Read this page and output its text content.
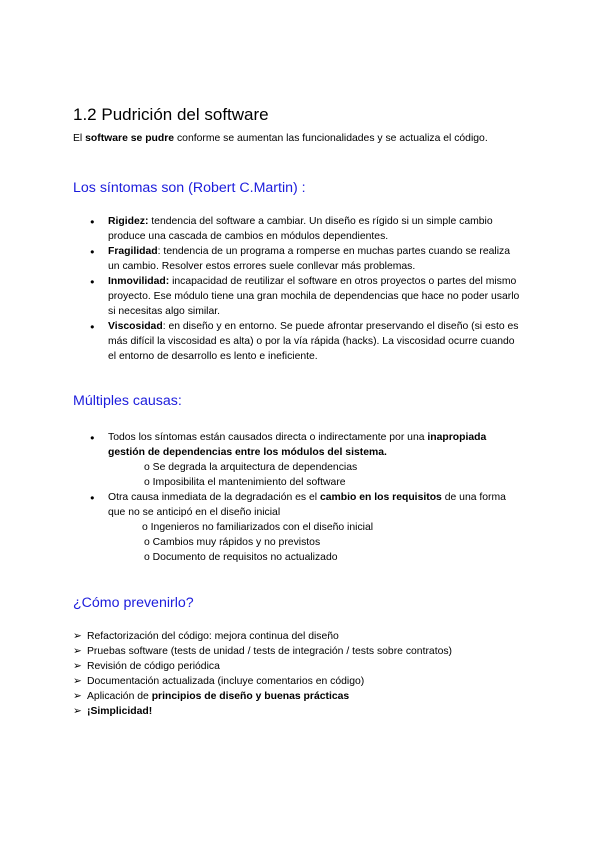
1.2 Pudrición del software

El software se pudre conforme se aumentan las funcionalidades y se actualiza el código.

Los síntomas son (Robert C.Martin) :
● Rigidez: tendencia del software a cambiar. Un diseño es rígido si un simple cambio produce una cascada de cambios en módulos dependientes.
● Fragilidad: tendencia de un programa a romperse en muchas partes cuando se realiza un cambio. Resolver estos errores suele conllevar más problemas.
● Inmovilidad: incapacidad de reutilizar el software en otros proyectos o partes del mismo proyecto. Ese módulo tiene una gran mochila de dependencias que hace no poder usarlo si necesitas algo similar.
● Viscosidad: en diseño y en entorno. Se puede afrontar preservando el diseño (si esto es más difícil la viscosidad es alta) o por la vía rápida (hacks). La viscosidad ocurre cuando el entorno de desarrollo es lento e ineficiente.
Múltiples causas:
● Todos los síntomas están causados directa o indirectamente por una inapropiada gestión de dependencias entre los módulos del sistema.
o Se degrada la arquitectura de dependencias
o Imposibilita el mantenimiento del software
● Otra causa inmediata de la degradación es el cambio en los requisitos de una forma que no se anticipó en el diseño inicial
o Ingenieros no familiarizados con el diseño inicial
o Cambios muy rápidos y no previstos
o Documento de requisitos no actualizado
¿Cómo prevenirlo?
➢ Refactorización del código: mejora continua del diseño
➢ Pruebas software (tests de unidad / tests de integración / tests sobre contratos)
➢ Revisión de código periódica
➢ Documentación actualizada (incluye comentarios en código)
➢ Aplicación de principios de diseño y buenas prácticas
➢ ¡Simplicidad!
